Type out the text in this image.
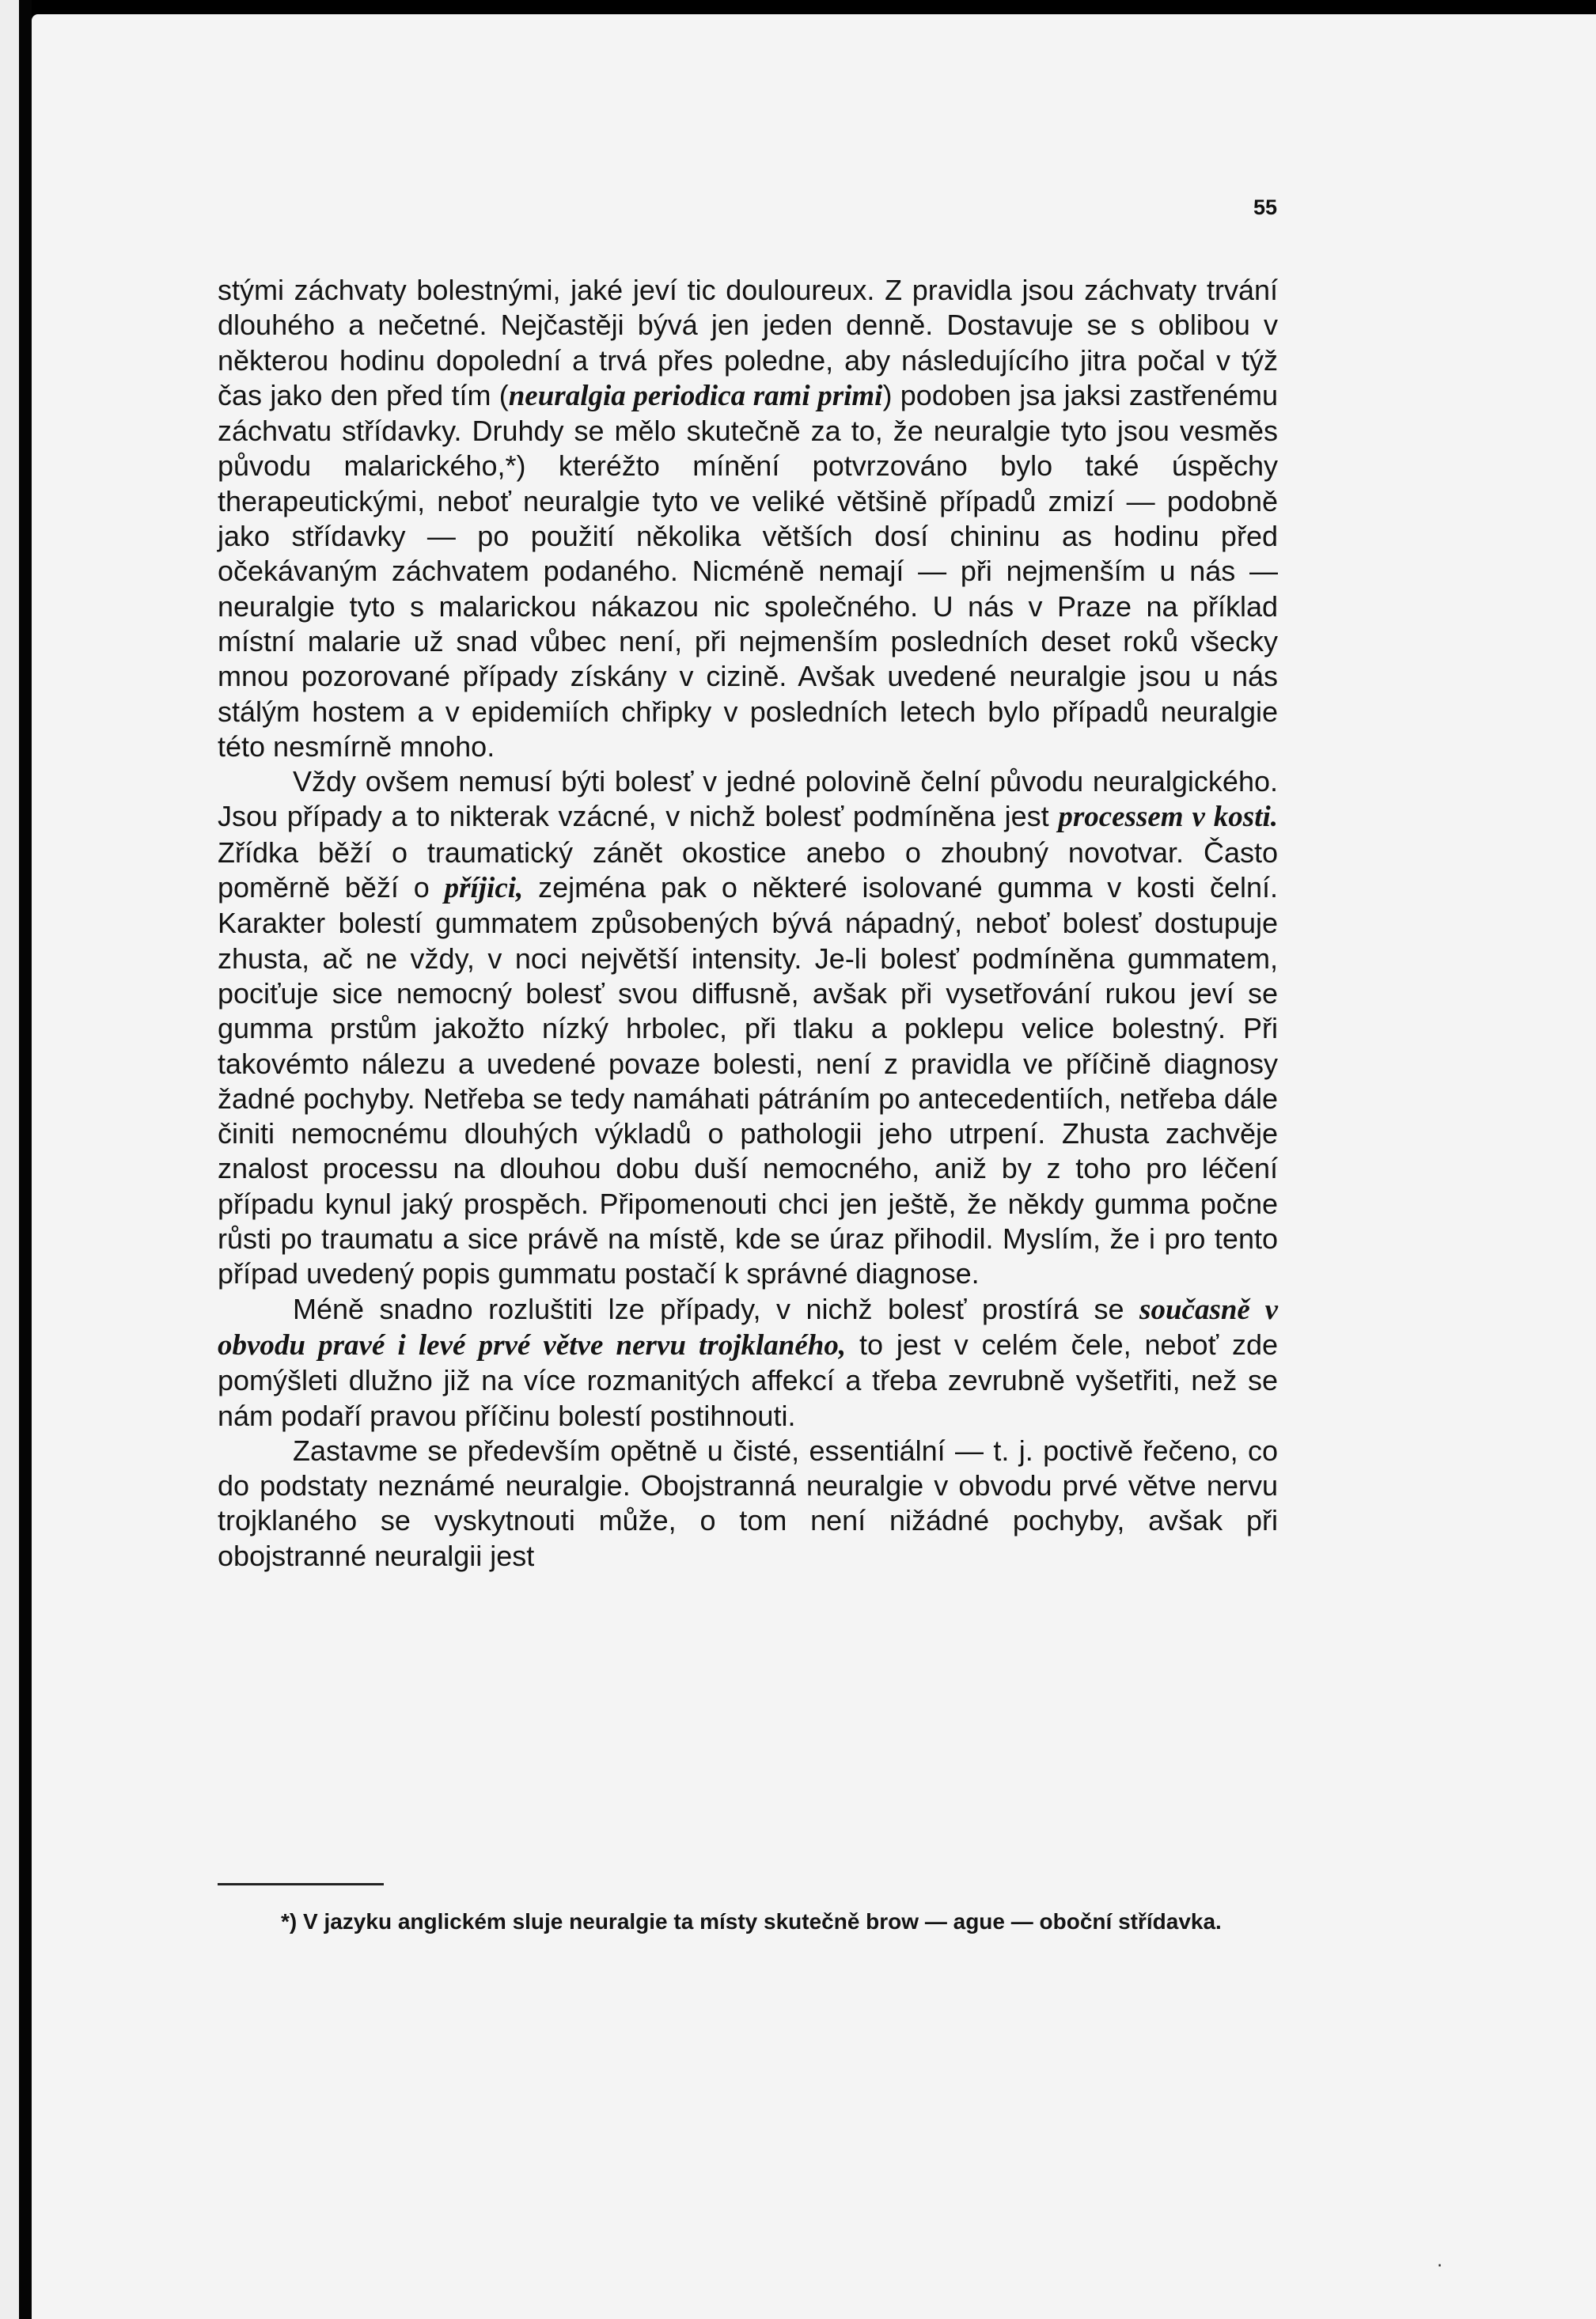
55

stými záchvaty bolestnými, jaké jeví tic douloureux. Z pravidla jsou záchvaty trvání dlouhého a nečetné. Nejčastěji bývá jen jeden denně. Dostavuje se s oblibou v některou hodinu dopolední a trvá přes poledne, aby následujícího jitra počal v týž čas jako den před tím (neuralgia periodica rami primi) podoben jsa jaksi zastřenému záchvatu střídavky. Druhdy se mělo skutečně za to, že neuralgie tyto jsou vesměs původu malarického,*) kteréžto mínění potvrzováno bylo také úspěchy therapeutickými, neboť neuralgie tyto ve veliké většině případů zmizí — podobně jako střídavky — po použití několika větších dosí chininu as hodinu před očekávaným záchvatem podaného. Nicméně nemají — při nejmenším u nás — neuralgie tyto s malarickou nákazou nic společného. U nás v Praze na příklad místní malarie už snad vůbec není, při nejmenším posledních deset roků všecky mnou pozorované případy získány v cizině. Avšak uvedené neuralgie jsou u nás stálým hostem a v epidemiích chřipky v posledních letech bylo případů neuralgie této nesmírně mnoho.

Vždy ovšem nemusí býti bolesť v jedné polovině čelní původu neuralgického. Jsou případy a to nikterak vzácné, v nichž bolesť podmíněna jest processem v kosti. Zřídka běží o traumatický zánět okostice anebo o zhoubný novotvar. Často poměrně běží o příjici, zejména pak o některé isolované gumma v kosti čelní. Karakter bolestí gummatem způsobených bývá nápadný, neboť bolesť dostupuje zhusta, ač ne vždy, v noci největší intensity. Je-li bolesť podmíněna gummatem, pociťuje sice nemocný bolesť svou diffusně, avšak při vysetřování rukou jeví se gumma prstům jakožto nízký hrbolec, při tlaku a poklepu velice bolestný. Při takovémto nálezu a uvedené povaze bolesti, není z pravidla ve příčině diagnosy žadné pochyby. Netřeba se tedy namáhati pátráním po antecedentiích, netřeba dále činiti nemocnému dlouhých výkladů o pathologii jeho utrpení. Zhusta zachvěje znalost processu na dlouhou dobu duší nemocného, aniž by z toho pro léčení případu kynul jaký prospěch. Připomenouti chci jen ještě, že někdy gumma počne růsti po traumatu a sice právě na místě, kde se úraz přihodil. Myslím, že i pro tento případ uvedený popis gummatu postačí k správné diagnose.

Méně snadno rozluštiti lze případy, v nichž bolesť prostírá se současně v obvodu pravé i levé prvé větve nervu trojklaného, to jest v celém čele, neboť zde pomýšleti dlužno již na více rozmanitých affekcí a třeba zevrubně vyšetřiti, než se nám podaří pravou příčinu bolestí postihnouti.

Zastavme se především opětně u čisté, essentiální — t. j. poctivě řečeno, co do podstaty neznámé neuralgie. Obojstranná neuralgie v obvodu prvé větve nervu trojklaného se vyskytnouti může, o tom není nižádné pochyby, avšak při obojstranné neuralgii jest

*) V jazyku anglickém sluje neuralgie ta místy skutečně brow — ague — oboční střídavka.
·
